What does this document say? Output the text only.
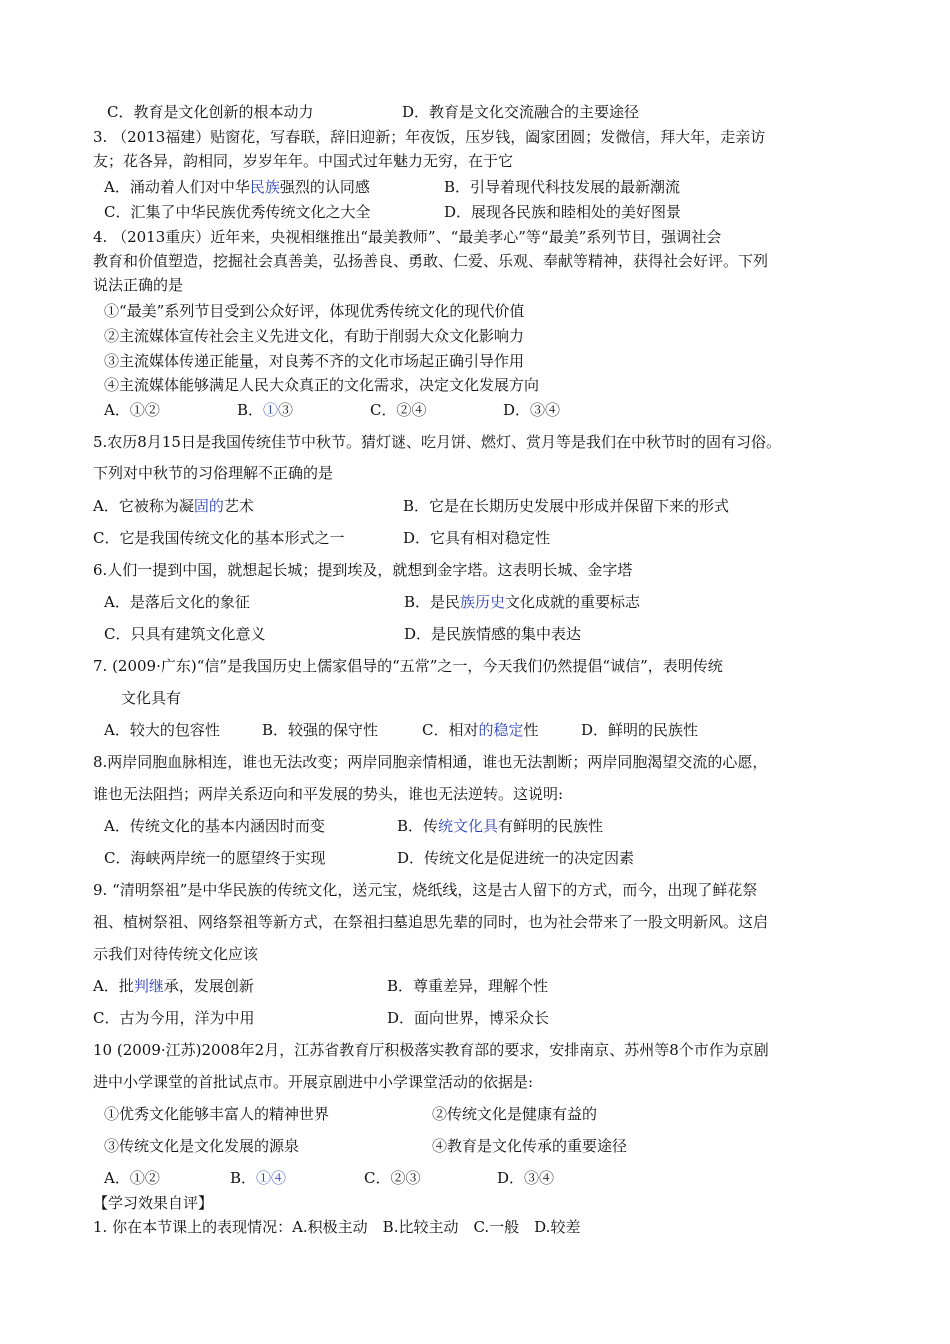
C．教育是文化创新的根本动力	D．教育是文化交流融合的主要途径
3. （2013福建）贴窗花，写春联，辞旧迎新；年夜饭，压岁钱，阖家团圆；发微信，拜大年，走亲访
友；花各异，韵相同，岁岁年年。中国式过年魅力无穷，在于它
A．涌动着人们对中华民族强烈的认同感	B．引导着现代科技发展的最新潮流
C．汇集了中华民族优秀传统文化之大全	D．展现各民族和睦相处的美好图景
4. （2013重庆）近年来，央视相继推出“最美教师”、“最美孝心”等“最美”系列节目，强调社会
教育和价值塑造，挖掘社会真善美，弘扬善良、勇敢、仁爱、乐观、奉献等精神，获得社会好评。下列
说法正确的是
①“最美”系列节目受到公众好评，体现优秀传统文化的现代价值
②主流媒体宣传社会主义先进文化，有助于削弱大众文化影响力
③主流媒体传递正能量，对良莠不齐的文化市场起正确引导作用
④主流媒体能够满足人民大众真正的文化需求，决定文化发展方向
A．①②	B．①③	C．②④	D．③④
5.农历8月15日是我国传统佳节中秋节。猜灯谜、吃月饼、燃灯、赏月等是我们在中秋节时的固有习俗。
下列对中秋节的习俗理解不正确的是
A．它被称为凝固的艺术	B．它是在长期历史发展中形成并保留下来的形式
C．它是我国传统文化的基本形式之一	D．它具有相对稳定性
6.人们一提到中国，就想起长城；提到埃及，就想到金字塔。这表明长城、金字塔
A．是落后文化的象征	B．是民族历史文化成就的重要标志
C．只具有建筑文化意义	D．是民族情感的集中表达
7. (2009·广东)“信”是我国历史上儒家倡导的“五常”之一，今天我们仍然提倡“诚信”，表明传统
文化具有
A．较大的包容性	B．较强的保守性	C．相对的稳定性	D．鲜明的民族性
8.两岸同胞血脉相连，谁也无法改变；两岸同胞亲情相通，谁也无法割断；两岸同胞渴望交流的心愿，
谁也无法阻挡；两岸关系迈向和平发展的势头，谁也无法逆转。这说明:
A．传统文化的基本内涵因时而变	B．传统文化具有鲜明的民族性
C．海峡两岸统一的愿望终于实现	D．传统文化是促进统一的决定因素
9. “清明祭祖”是中华民族的传统文化，送元宝，烧纸线，这是古人留下的方式，而今，出现了鲜花祭
祖、植树祭祖、网络祭祖等新方式，在祭祖扫墓追思先辈的同时，也为社会带来了一股文明新风。这启
示我们对待传统文化应该
A．批判继承，发展创新	B．尊重差异，理解个性
C．古为今用，洋为中用	D．面向世界，博采众长
10 (2009·江苏)2008年2月，江苏省教育厅积极落实教育部的要求，安排南京、苏州等8个市作为京剧
进中小学课堂的首批试点市。开展京剧进中小学课堂活动的依据是:
①优秀文化能够丰富人的精神世界	②传统文化是健康有益的
③传统文化是文化发展的源泉	④教育是文化传承的重要途径
A．①②	B．①④	C．②③	D．③④
【学习效果自评】
1. 你在本节课上的表现情况：A.积极主动　B.比较主动　C.一般　D.较差
